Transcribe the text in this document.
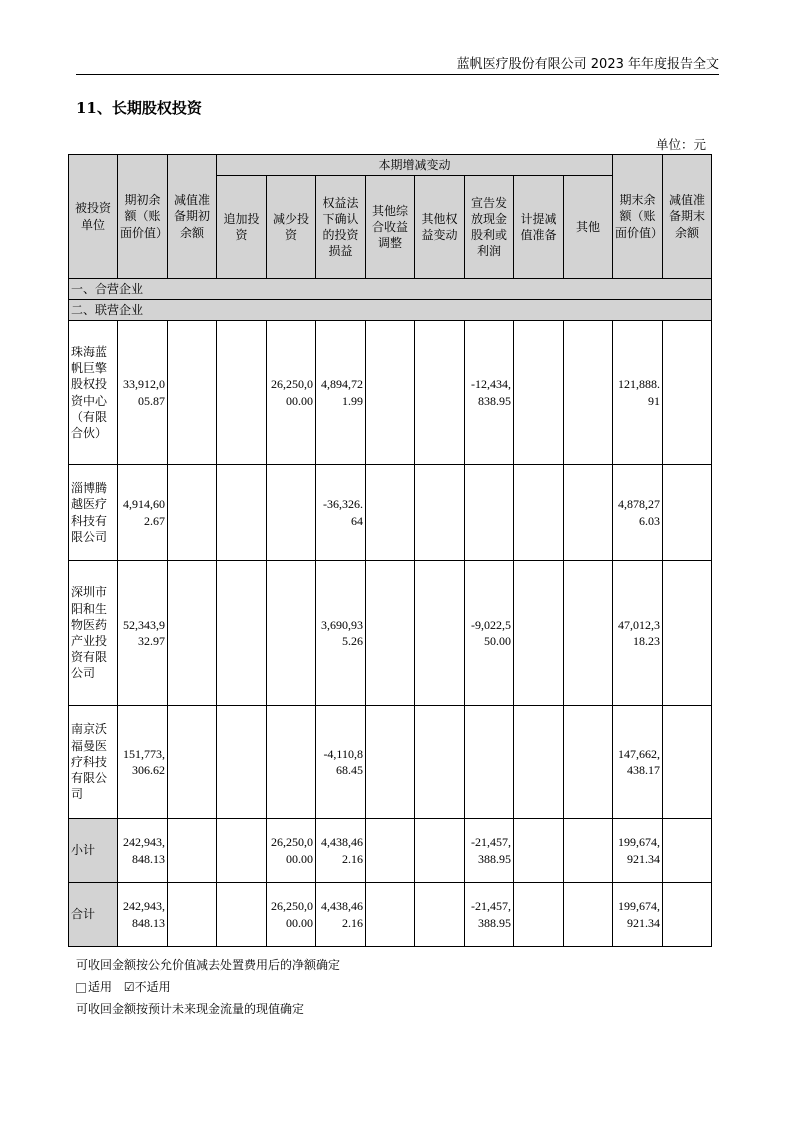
蓝帆医疗股份有限公司 2023 年年度报告全文
11、长期股权投资
单位：元
被投资单位	期初余额（账面价值）	减值准备期初余额	本期增减变动								期末余额（账面价值）	减值准备期末余额
			追加投资	减少投资	权益法下确认的投资损益	其他综合收益调整	其他权益变动	宣告发放现金股利或利润	计提减值准备	其他		
一、合营企业												
二、联营企业												
珠海蓝帆巨擎股权投资中心（有限合伙）	33,912,005.87			26,250,000.00	4,894,721.99			-12,434,838.95			121,888.91	
淄博腾越医疗科技有限公司	4,914,602.67				-36,326.64						4,878,276.03	
深圳市阳和生物医药产业投资有限公司	52,343,932.97				3,690,935.26			-9,022,550.00			47,012,318.23	
南京沃福曼医疗科技有限公司	151,773,306.62				-4,110,868.45						147,662,438.17	
小计	242,943,848.13			26,250,000.00	4,438,462.16			-21,457,388.95			199,674,921.34	
合计	242,943,848.13			26,250,000.00	4,438,462.16			-21,457,388.95			199,674,921.34	
可收回金额按公允价值减去处置费用后的净额确定
适用 ☑不适用
可收回金额按预计未来现金流量的现值确定
